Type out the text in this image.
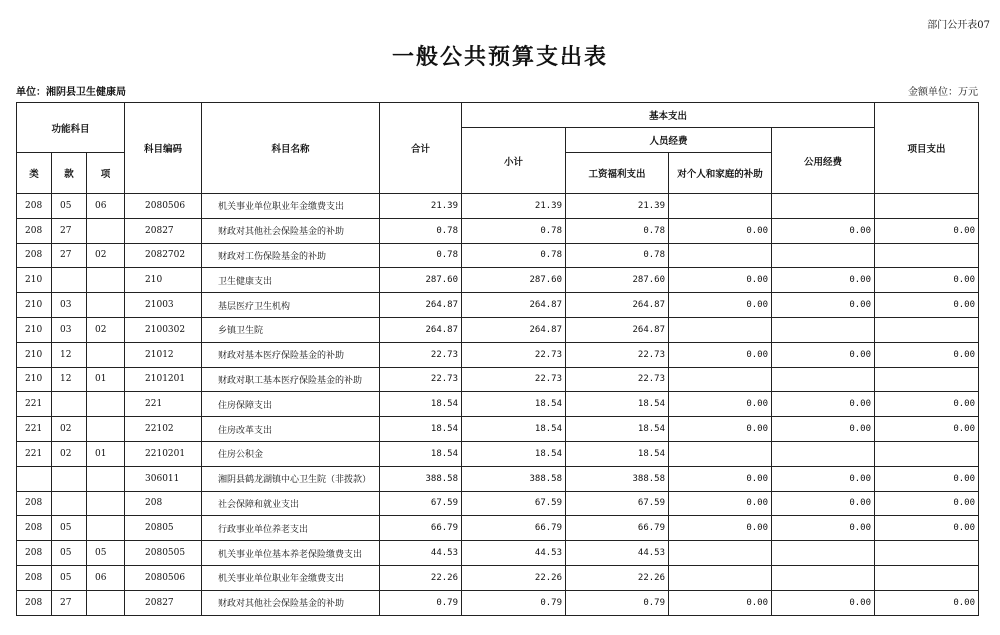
部门公开表07
一般公共预算支出表
单位：湘阴县卫生健康局	金额单位：万元
功能科目			科目编码	科目名称	合计	基本支出				项目支出
						小计	人员经费		公用经费	
类	款	项					工资福利支出	对个人和家庭的补助		
208	05	06	2080506	机关事业单位职业年金缴费支出	21.39	21.39	21.39			
208	27		20827	财政对其他社会保险基金的补助	0.78	0.78	0.78	0.00	0.00	0.00
208	27	02	2082702	财政对工伤保险基金的补助	0.78	0.78	0.78			
210			210	卫生健康支出	287.60	287.60	287.60	0.00	0.00	0.00
210	03		21003	基层医疗卫生机构	264.87	264.87	264.87	0.00	0.00	0.00
210	03	02	2100302	乡镇卫生院	264.87	264.87	264.87			
210	12		21012	财政对基本医疗保险基金的补助	22.73	22.73	22.73	0.00	0.00	0.00
210	12	01	2101201	财政对职工基本医疗保险基金的补助	22.73	22.73	22.73			
221			221	住房保障支出	18.54	18.54	18.54	0.00	0.00	0.00
221	02		22102	住房改革支出	18.54	18.54	18.54	0.00	0.00	0.00
221	02	01	2210201	住房公积金	18.54	18.54	18.54			
			306011	湘阴县鹤龙湖镇中心卫生院（非拨款）	388.58	388.58	388.58	0.00	0.00	0.00
208			208	社会保障和就业支出	67.59	67.59	67.59	0.00	0.00	0.00
208	05		20805	行政事业单位养老支出	66.79	66.79	66.79	0.00	0.00	0.00
208	05	05	2080505	机关事业单位基本养老保险缴费支出	44.53	44.53	44.53			
208	05	06	2080506	机关事业单位职业年金缴费支出	22.26	22.26	22.26			
208	27		20827	财政对其他社会保险基金的补助	0.79	0.79	0.79	0.00	0.00	0.00
